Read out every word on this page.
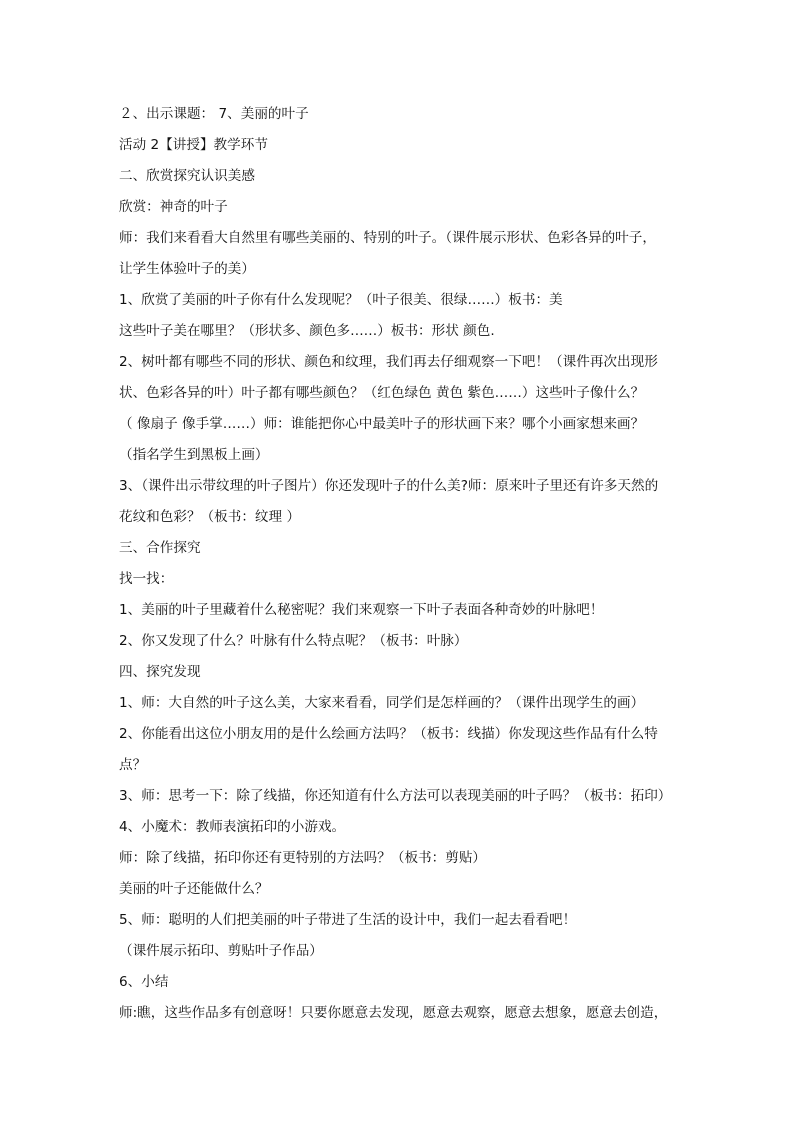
２、出示课题： 7、美丽的叶子
活动 2【讲授】教学环节
二、欣赏探究认识美感
欣赏：神奇的叶子
师：我们来看看大自然里有哪些美丽的、特别的叶子。（课件展示形状、色彩各异的叶子，
让学生体验叶子的美）
1、欣赏了美丽的叶子你有什么发现呢？（叶子很美、很绿……）板书：美
这些叶子美在哪里？（形状多、颜色多……）板书：形状 颜色.
2、树叶都有哪些不同的形状、颜色和纹理，我们再去仔细观察一下吧！（课件再次出现形
状、色彩各异的叶）叶子都有哪些颜色？（红色绿色 黄色 紫色……）这些叶子像什么？
（ 像扇子 像手掌……）师：谁能把你心中最美叶子的形状画下来？哪个小画家想来画？
（指名学生到黑板上画）
3、（课件出示带纹理的叶子图片）你还发现叶子的什么美?师：原来叶子里还有许多天然的
花纹和色彩？（板书：纹理 ）
三、合作探究
找一找：
1、美丽的叶子里藏着什么秘密呢？我们来观察一下叶子表面各种奇妙的叶脉吧！
2、你又发现了什么？叶脉有什么特点呢？（板书：叶脉）
四、探究发现
1、师：大自然的叶子这么美，大家来看看，同学们是怎样画的？（课件出现学生的画）
2、你能看出这位小朋友用的是什么绘画方法吗？（板书：线描）你发现这些作品有什么特
点？
3、师：思考一下：除了线描，你还知道有什么方法可以表现美丽的叶子吗？（板书：拓印）
4、小魔术：教师表演拓印的小游戏。
师：除了线描，拓印你还有更特别的方法吗？（板书：剪贴）
美丽的叶子还能做什么？
5、师：聪明的人们把美丽的叶子带进了生活的设计中，我们一起去看看吧！
（课件展示拓印、剪贴叶子作品）
6、小结
师:瞧，这些作品多有创意呀！只要你愿意去发现，愿意去观察，愿意去想象，愿意去创造，
